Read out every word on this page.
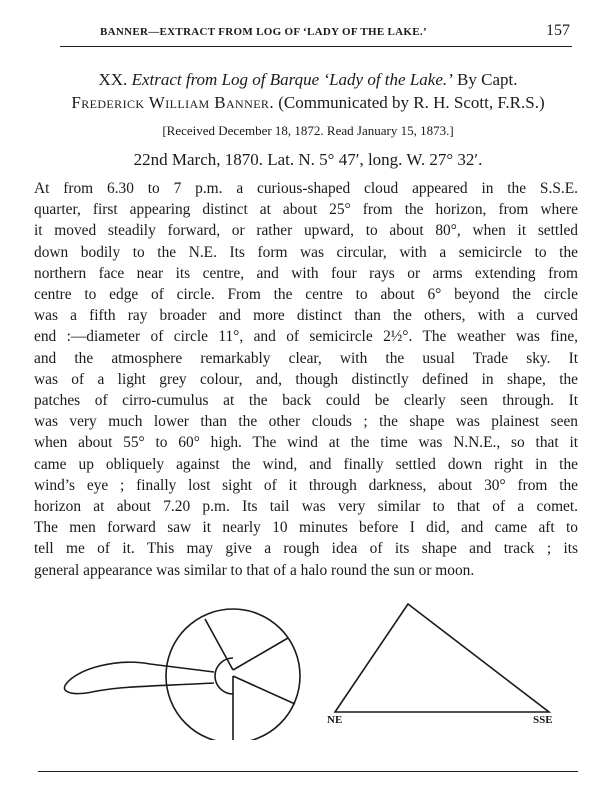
BANNER—EXTRACT FROM LOG OF ‘LADY OF THE LAKE.’	157
XX. Extract from Log of Barque ‘Lady of the Lake.’ By Capt.
Frederick William Banner. (Communicated by R. H. Scott, F.R.S.)
[Received December 18, 1872. Read January 15, 1873.]
22nd March, 1870. Lat. N. 5° 47′, long. W. 27° 32′.
At from 6.30 to 7 p.m. a curious-shaped cloud appeared in the S.S.E.
quarter, first appearing distinct at about 25° from the horizon, from where
it moved steadily forward, or rather upward, to about 80°, when it settled
down bodily to the N.E. Its form was circular, with a semicircle to the
northern face near its centre, and with four rays or arms extending from
centre to edge of circle. From the centre to about 6° beyond the circle
was a fifth ray broader and more distinct than the others, with a curved
end :—diameter of circle 11°, and of semicircle 2½°. The weather was fine,
and the atmosphere remarkably clear, with the usual Trade sky. It
was of a light grey colour, and, though distinctly defined in shape, the
patches of cirro-cumulus at the back could be clearly seen through. It
was very much lower than the other clouds ; the shape was plainest seen
when about 55° to 60° high. The wind at the time was N.N.E., so that it
came up obliquely against the wind, and finally settled down right in the
wind’s eye ; finally lost sight of it through darkness, about 30° from the
horizon at about 7.20 p.m. Its tail was very similar to that of a comet.
The men forward saw it nearly 10 minutes before I did, and came aft to
tell me of it. This may give a rough idea of its shape and track ; its
general appearance was similar to that of a halo round the sun or moon.
NE	SSE
